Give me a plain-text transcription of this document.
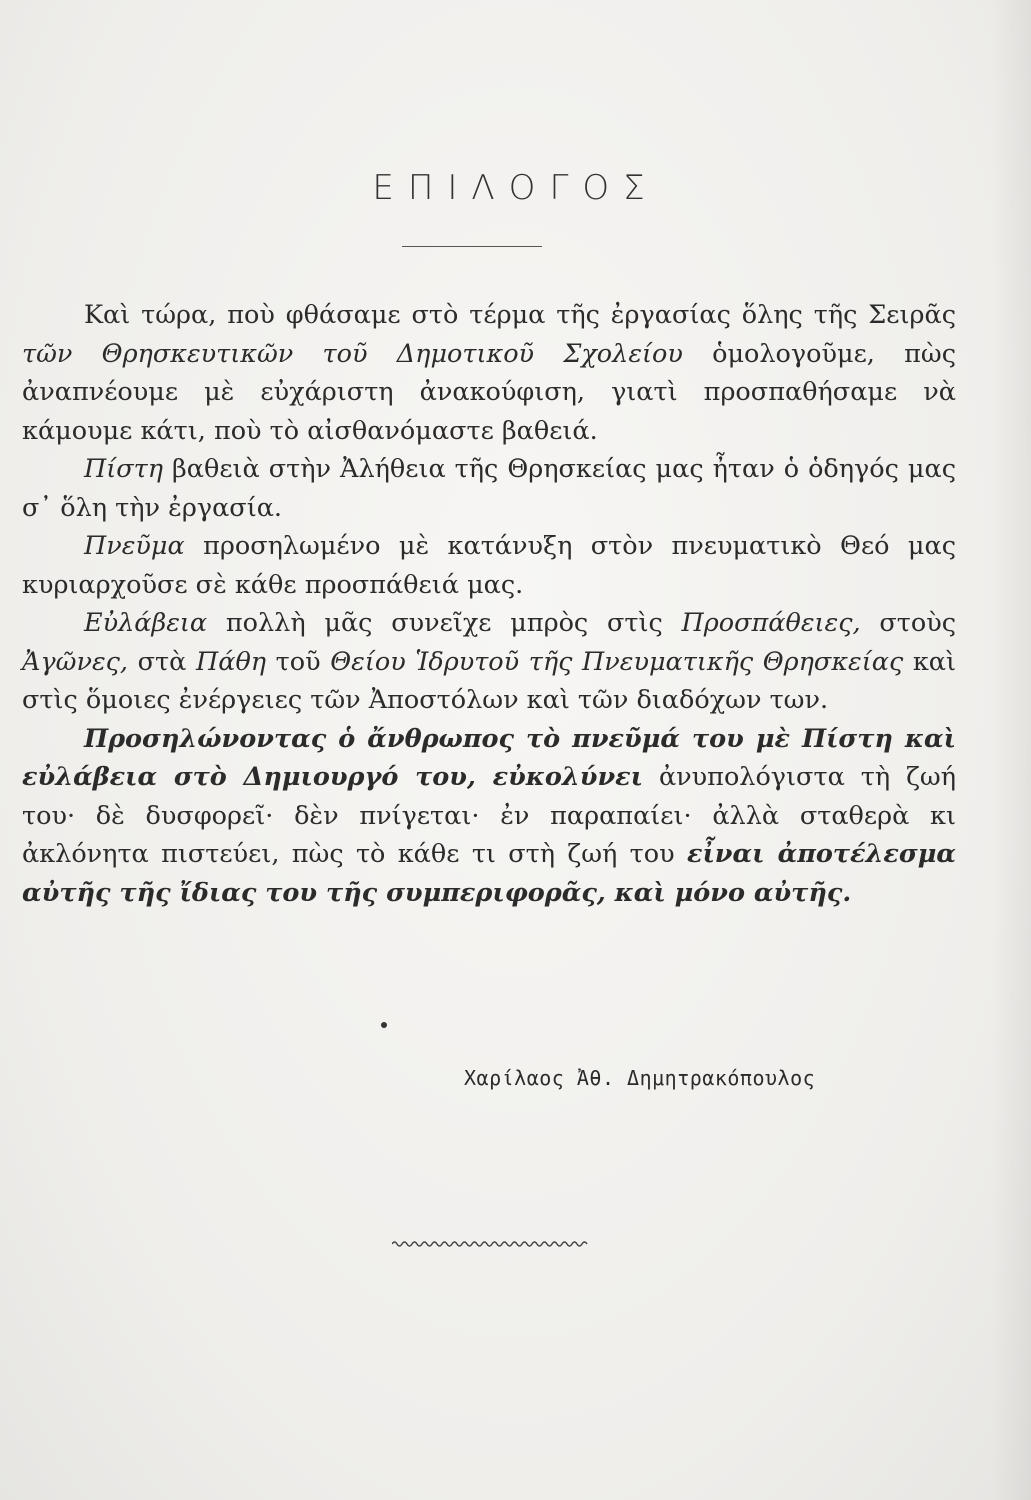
ΕΠΙΛΟΓΟΣ

Καὶ τώρα, ποὺ φθάσαμε στὸ τέρμα τῆς ἐργασίας ὅλης τῆς Σειρᾶς τῶν Θρησκευτικῶν τοῦ Δημοτικοῦ Σχολείου ὁμολογοῦμε, πὼς ἀναπνέουμε μὲ εὐχάριστη ἀνακούφιση, γιατὶ προσπαθήσαμε νὰ κάμουμε κάτι, ποὺ τὸ αἰσθανόμαστε βαθειά.

Πίστη βαθειὰ στὴν Ἀλήθεια τῆς Θρησκείας μας ἦταν ὁ ὁδηγός μας σ᾽ ὅλη τὴν ἐργασία.

Πνεῦμα προσηλωμένο μὲ κατάνυξη στὸν πνευματικὸ Θεό μας κυριαρχοῦσε σὲ κάθε προσπάθειά μας.

Εὐλάβεια πολλὴ μᾶς συνεῖχε μπρὸς στὶς Προσπάθειες, στοὺς Ἀγῶνες, στὰ Πάθη τοῦ Θείου Ἱδρυτοῦ τῆς Πνευματικῆς Θρησκείας καὶ στὶς ὅμοιες ἐνέργειες τῶν Ἀποστόλων καὶ τῶν διαδόχων των.

Προσηλώνοντας ὁ ἄνθρωπος τὸ πνεῦμά του μὲ Πίστη καὶ εὐλάβεια στὸ Δημιουργό του, εὐκολύνει ἀνυπολόγιστα τὴ ζωή του· δὲ δυσφορεῖ· δὲν πνίγεται· ἐν παραπαίει· ἀλλὰ σταθερὰ κι ἀκλόνητα πιστεύει, πὼς τὸ κάθε τι στὴ ζωή του εἶναι ἀποτέλεσμα αὐτῆς τῆς ἴδιας του τῆς συμπεριφορᾶς, καὶ μόνο αὐτῆς.

Χαρίλαος Ἀθ. Δημητρακόπουλος
